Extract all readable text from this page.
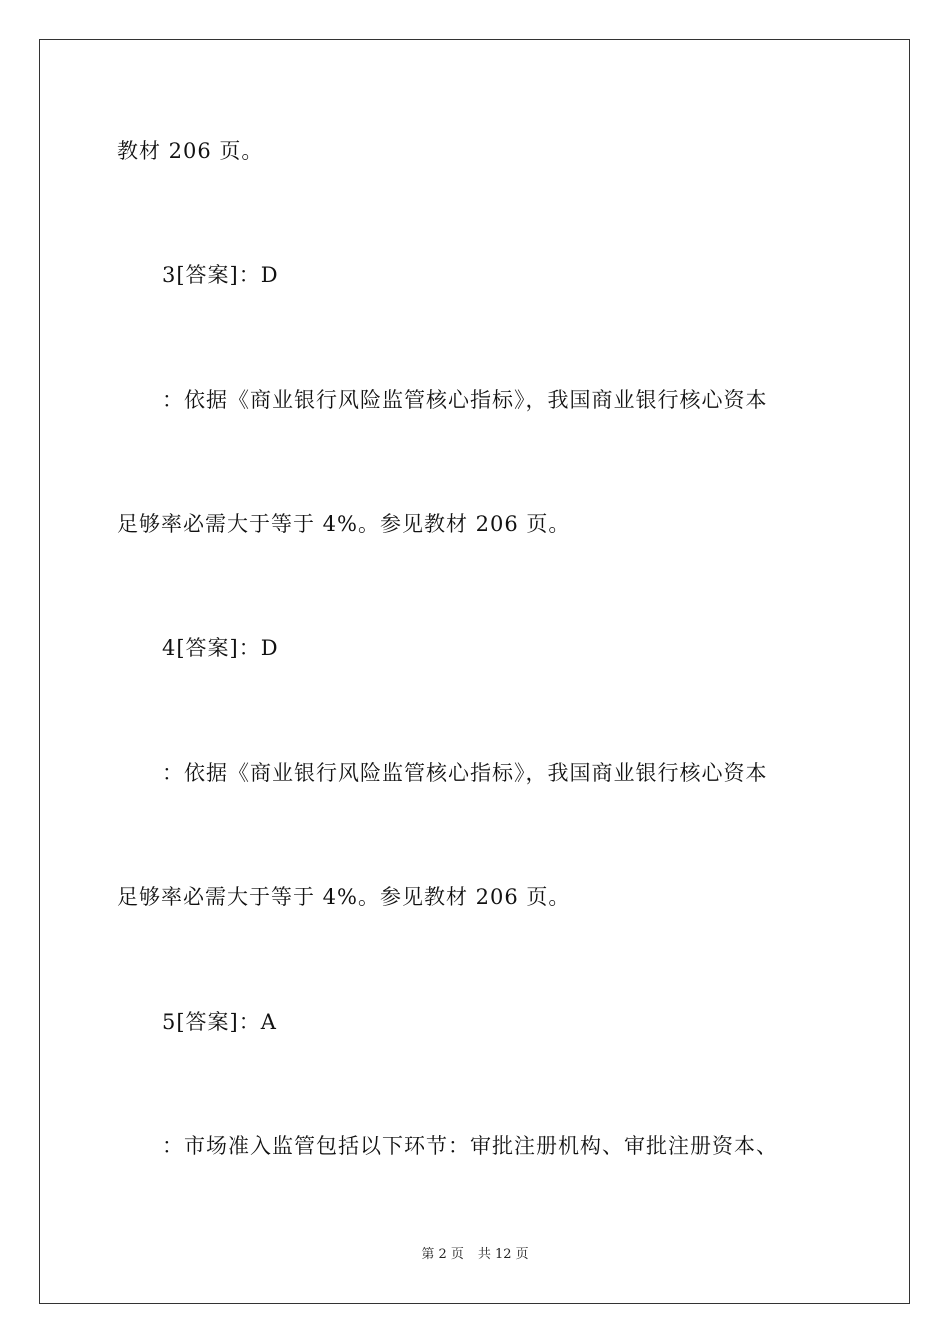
教材 206 页。
3[答案]：D
：依据《商业银行风险监管核心指标》，我国商业银行核心资本
足够率必需大于等于 4%。参见教材 206 页。
4[答案]：D
：依据《商业银行风险监管核心指标》，我国商业银行核心资本
足够率必需大于等于 4%。参见教材 206 页。
5[答案]：A
：市场准入监管包括以下环节：审批注册机构、审批注册资本、
第 2 页 共 12 页
